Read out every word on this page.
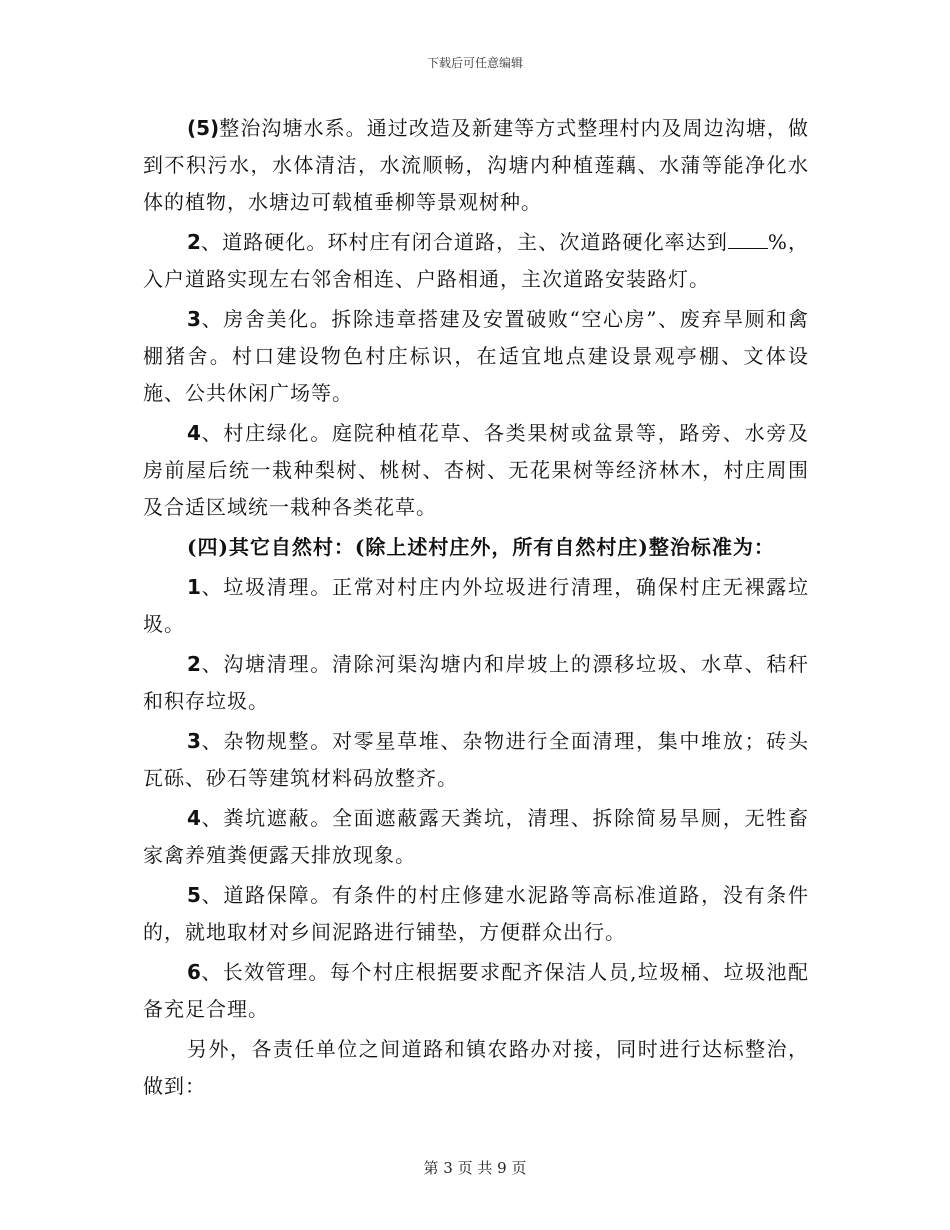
下载后可任意编辑

(5)整治沟塘水系。通过改造及新建等方式整理村内及周边沟塘，做到不积污水，水体清洁，水流顺畅，沟塘内种植莲藕、水蒲等能净化水体的植物，水塘边可载植垂柳等景观树种。

2、道路硬化。环村庄有闭合道路，主、次道路硬化率达到 %，入户道路实现左右邻舍相连、户路相通，主次道路安装路灯。

3、房舍美化。拆除违章搭建及安置破败“空心房”、废弃旱厕和禽棚猪舍。村口建设物色村庄标识，在适宜地点建设景观亭棚、文体设施、公共休闲广场等。

4、村庄绿化。庭院种植花草、各类果树或盆景等，路旁、水旁及房前屋后统一栽种梨树、桃树、杏树、无花果树等经济林木，村庄周围及合适区域统一栽种各类花草。

(四)其它自然村：(除上述村庄外，所有自然村庄)整治标准为：

1、垃圾清理。正常对村庄内外垃圾进行清理，确保村庄无裸露垃圾。

2、沟塘清理。清除河渠沟塘内和岸坡上的漂移垃圾、水草、秸秆和积存垃圾。

3、杂物规整。对零星草堆、杂物进行全面清理，集中堆放；砖头瓦砾、砂石等建筑材料码放整齐。

4、粪坑遮蔽。全面遮蔽露天粪坑，清理、拆除简易旱厕，无牲畜家禽养殖粪便露天排放现象。

5、道路保障。有条件的村庄修建水泥路等高标准道路，没有条件的，就地取材对乡间泥路进行铺垫，方便群众出行。

6、长效管理。每个村庄根据要求配齐保洁人员,垃圾桶、垃圾池配备充足合理。

另外，各责任单位之间道路和镇农路办对接，同时进行达标整治，做到：

第 3 页 共 9 页
